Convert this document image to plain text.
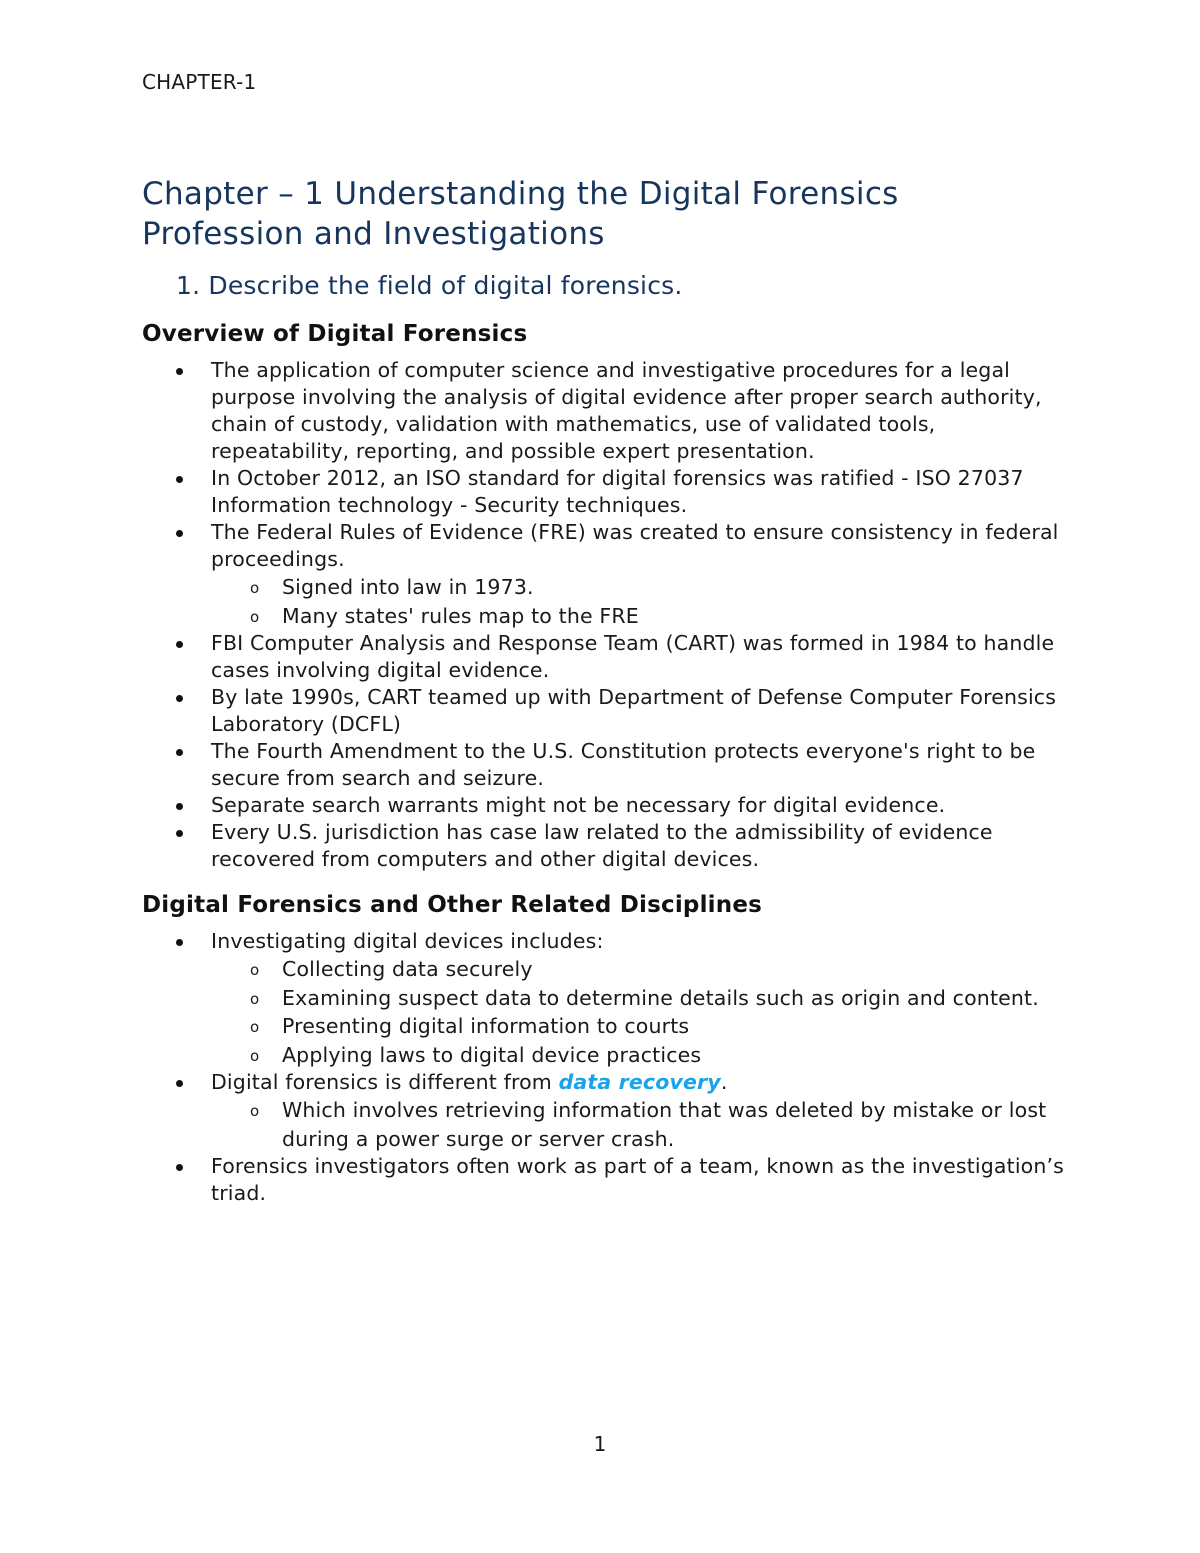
CHAPTER-1
Chapter – 1 Understanding the Digital Forensics
Profession and Investigations
1. Describe the field of digital forensics.
Overview of Digital Forensics
The application of computer science and investigative procedures for a legal purpose involving the analysis of digital evidence after proper search authority, chain of custody, validation with mathematics, use of validated tools, repeatability, reporting, and possible expert presentation.
In October 2012, an ISO standard for digital forensics was ratified - ISO 27037 Information technology - Security techniques.
The Federal Rules of Evidence (FRE) was created to ensure consistency in federal proceedings.
o Signed into law in 1973.
o Many states' rules map to the FRE
FBI Computer Analysis and Response Team (CART) was formed in 1984 to handle cases involving digital evidence.
By late 1990s, CART teamed up with Department of Defense Computer Forensics Laboratory (DCFL)
The Fourth Amendment to the U.S. Constitution protects everyone's right to be secure from search and seizure.
Separate search warrants might not be necessary for digital evidence.
Every U.S. jurisdiction has case law related to the admissibility of evidence recovered from computers and other digital devices.
Digital Forensics and Other Related Disciplines
Investigating digital devices includes:
o Collecting data securely
o Examining suspect data to determine details such as origin and content.
o Presenting digital information to courts
o Applying laws to digital device practices
Digital forensics is different from data recovery.
o Which involves retrieving information that was deleted by mistake or lost during a power surge or server crash.
Forensics investigators often work as part of a team, known as the investigation’s triad.
1
